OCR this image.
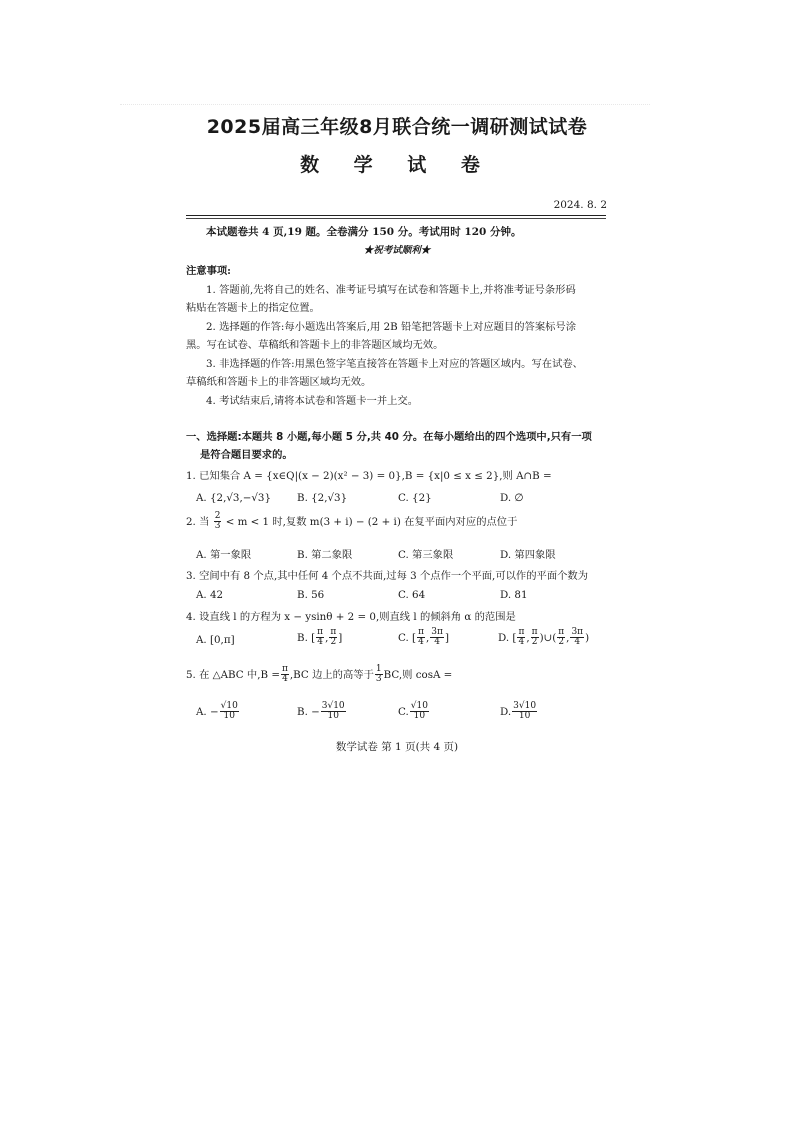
2025届高三年级8月联合统一调研测试试卷
数 学 试 卷
2024. 8. 2
本试题卷共 4 页,19 题。全卷满分 150 分。考试用时 120 分钟。
★祝考试顺利★
注意事项:
1. 答题前,先将自己的姓名、准考证号填写在试卷和答题卡上,并将准考证号条形码
粘贴在答题卡上的指定位置。
2. 选择题的作答:每小题选出答案后,用 2B 铅笔把答题卡上对应题目的答案标号涂
黑。写在试卷、草稿纸和答题卡上的非答题区域均无效。
3. 非选择题的作答:用黑色签字笔直接答在答题卡上对应的答题区域内。写在试卷、
草稿纸和答题卡上的非答题区域均无效。
4. 考试结束后,请将本试卷和答题卡一并上交。
一、选择题:本题共 8 小题,每小题 5 分,共 40 分。在每小题给出的四个选项中,只有一项
是符合题目要求的。
1. 已知集合 A = {x∈Q|(x − 2)(x² − 3) = 0},B = {x|0 ≤ x ≤ 2},则 A∩B =
A. {2,√3,−√3}	B. {2,√3}	C. {2}	D. ∅
2. 当 $\frac{2}{3} < m < 1$ 时,复数 m(3 + i) − (2 + i) 在复平面内对应的点位于
A. 第一象限	B. 第二象限	C. 第三象限	D. 第四象限
3. 空间中有 8 个点,其中任何 4 个点不共面,过每 3 个点作一个平面,可以作的平面个数为
A. 42	B. 56	C. 64	D. 81
4. 设直线 l 的方程为 x − ysinθ + 2 = 0,则直线 l 的倾斜角 α 的范围是
A. [0,π]	B. [ $\frac{\pi}{4}$ , $\frac{\pi}{2}$ ]	C. [ $\frac{\pi}{4}$ , $\frac{3\pi}{4}$ ]	D. [ $\frac{\pi}{4}$ , $\frac{\pi}{2}$ )∪( $\frac{\pi}{2}$ , $\frac{3\pi}{4}$ )
5. 在 △ABC 中$,B = \frac{\pi}{4} ,BC$ 边上的高等于 $\frac{1}{3}$ BC,则 cosA =
A. − $\frac{√10}{10}$	B. − $\frac{3√10}{10}$	C. $\frac{√10}{10}$	D. $\frac{3√10}{10}$
数学试卷 第 1 页(共 4 页)
